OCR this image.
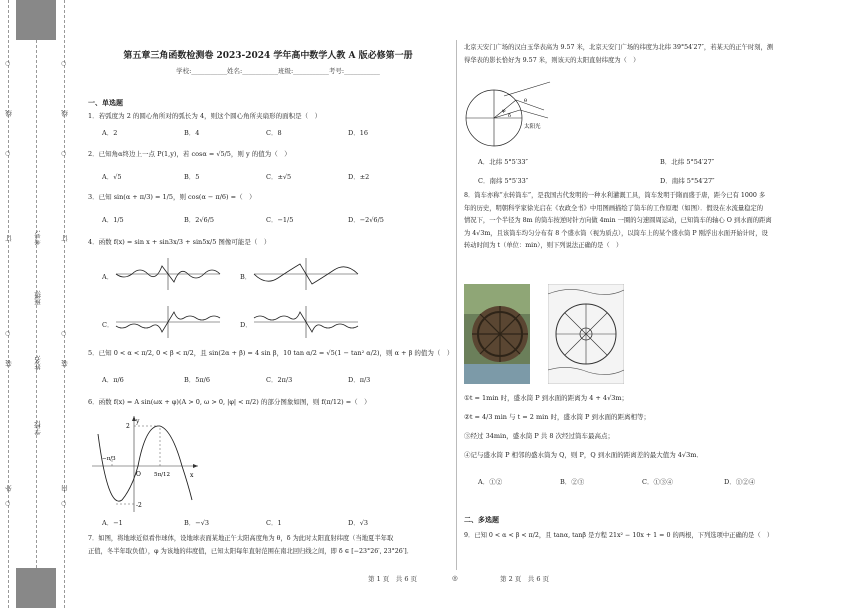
○
○
○
○
○
○
○
○
线
订
装
外
线
订
装
内
考号:
班级:
姓名:
学校:
第五章三角函数检测卷 2023-2024 学年高中数学人教 A 版必修第一册
学校:___________姓名:___________班级:___________考号:___________
一、单选题
1．若弧度为 2 的圆心角所对的弧长为 4，则这个圆心角所夹扇形的面积是（　）
A．2	B．4	C．8	D．16
2．已知角α终边上一点 P(1,y)，若 cosα = √5/5，则 y 的值为（　）
A．√5	B．5	C．±√5	D．±2
3．已知 sin(α + π/3) = 1/5，则 cos(α − π/6) =（　）
A．1/5	B．2√6/5	C．−1/5	D．−2√6/5
4．函数 f(x) = sin x + sin3x/3 + sin5x/5 图像可能是（　）
A．	B．
C．	D．
5．已知 0 < α < π/2, 0 < β < π/2，且 sin(2α + β) = 4 sin β，10 tan α/2 = √5(1 − tan² α/2)，则 α + β 的值为（　）
A．π/6	B．5π/6	C．2π/3	D．π/3
6．函数 f(x) = A sin(ωx + φ)(A > 0, ω > 0, |φ| < π/2) 的部分图象如图，则 f(π/12) =（　）
y
x
O
2
-2
−π/3
5π/12
A．−1	B．−√3	C．1	D．√3
7．如图，将地球近似看作球体，设地球表面某地正午太阳高度角为 θ，δ 为此时太阳直射纬度（当地夏半年取
正值，冬半年取负值），φ 为该地的纬度值，已知太阳每年直射范围在南北回归线之间，即 δ ∈ [−23°26′, 23°26′]．
第 1 页　共 6 页	◎
北京天安门广场的汉白玉华表高为 9.57 米，北京天安门广场的纬度为北纬 39°54′27″，若某天的正午时刻，测
得华表的影长恰好为 9.57 米，则该天的太阳直射纬度为（　）
φ
δ
θ
太阳光
A．北纬 5°5′33″	B．北纬 5°54′27″
C．南纬 5°5′33″	D．南纬 5°54′27″
8．筒车亦称“水转筒车”，是我国古代发明的一种水利灌溉工具，筒车发明于隋而盛于唐，距今已有 1000 多
年的历史，明朝科学家徐光启在《农政全书》中用图画描绘了筒车的工作原理（如图）．假设在水流量稳定的
情况下，一个半径为 8m 的筒车按逆时针方向做 4min 一圈的匀速圆周运动，已知筒车的轴心 O 到水面的距离
为 4√3m，且该筒车均匀分布有 8 个盛水筒（视为质点），以筒车上的某个盛水筒 P 刚浮出水面开始计时，设
转动时间为 t（单位：min），则下列说法正确的是（　）
①t = 1min 时，盛水筒 P 到水面的距离为 4 + 4√3m；
②t = 4/3 min 与 t = 2 min 时，盛水筒 P 到水面的距离相等；
③经过 34min，盛水筒 P 共 8 次经过筒车最高点；
④记与盛水筒 P 相邻的盛水筒为 Q，则 P，Q 到水面的距离差的最大值为 4√3m．
A．①②	B．②③	C．①③④	D．①②④
二、多选题
9．已知 0 < α < β < π/2，且 tanα, tanβ 是方程 21x² − 10x + 1 = 0 的两根，下列选项中正确的是（　）
第 2 页　共 6 页
